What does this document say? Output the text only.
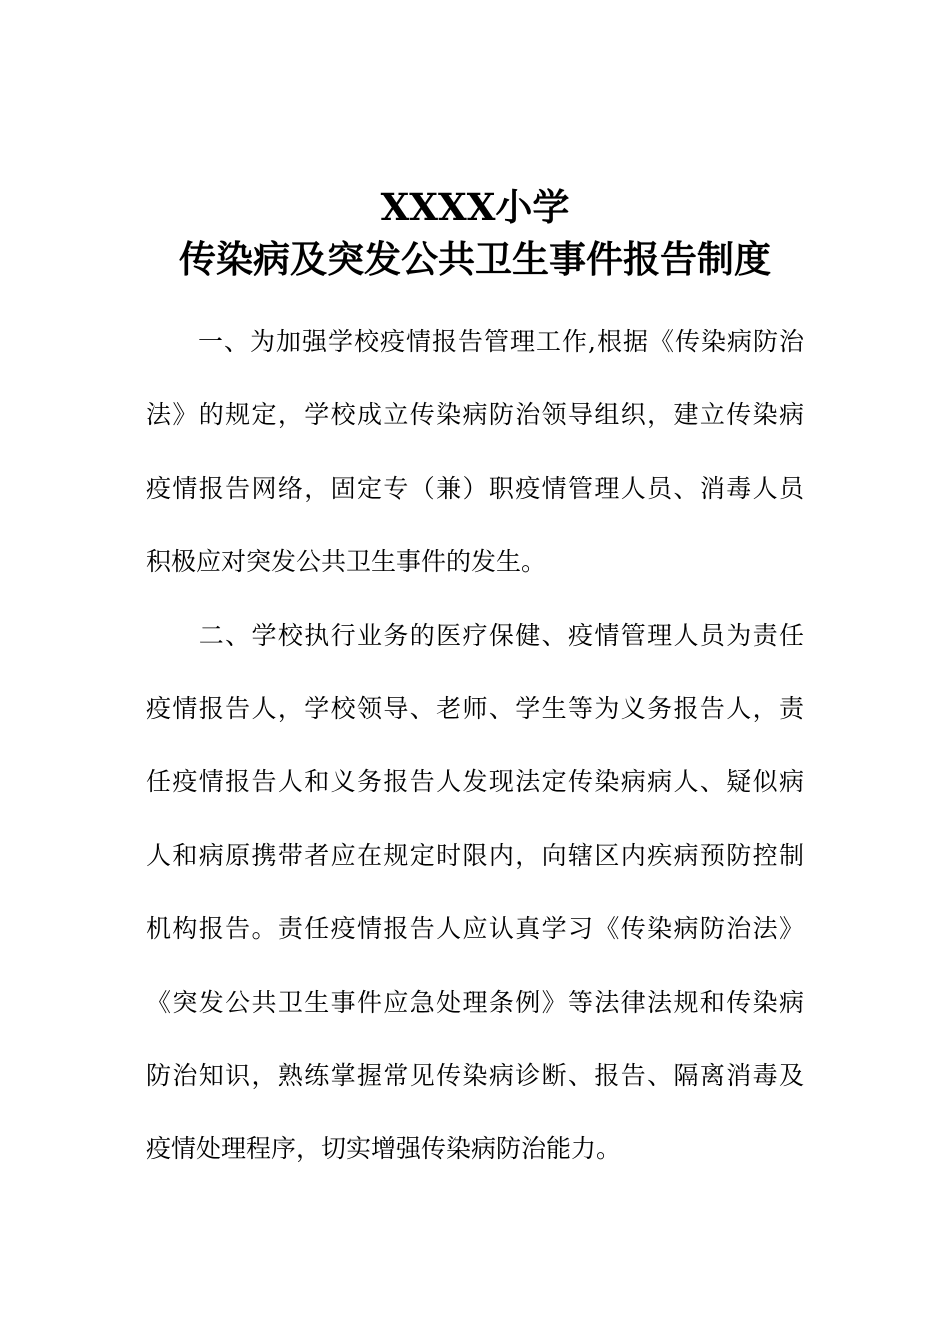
XXXX小学
传染病及突发公共卫生事件报告制度
　　一、为加强学校疫情报告管理工作,根据《传染病防治
法》的规定，学校成立传染病防治领导组织，建立传染病
疫情报告网络，固定专（兼）职疫情管理人员、消毒人员
积极应对突发公共卫生事件的发生。
　　二、学校执行业务的医疗保健、疫情管理人员为责任
疫情报告人，学校领导、老师、学生等为义务报告人，责
任疫情报告人和义务报告人发现法定传染病病人、疑似病
人和病原携带者应在规定时限内，向辖区内疾病预防控制
机构报告。责任疫情报告人应认真学习《传染病防治法》
《突发公共卫生事件应急处理条例》等法律法规和传染病
防治知识，熟练掌握常见传染病诊断、报告、隔离消毒及
疫情处理程序，切实增强传染病防治能力。
